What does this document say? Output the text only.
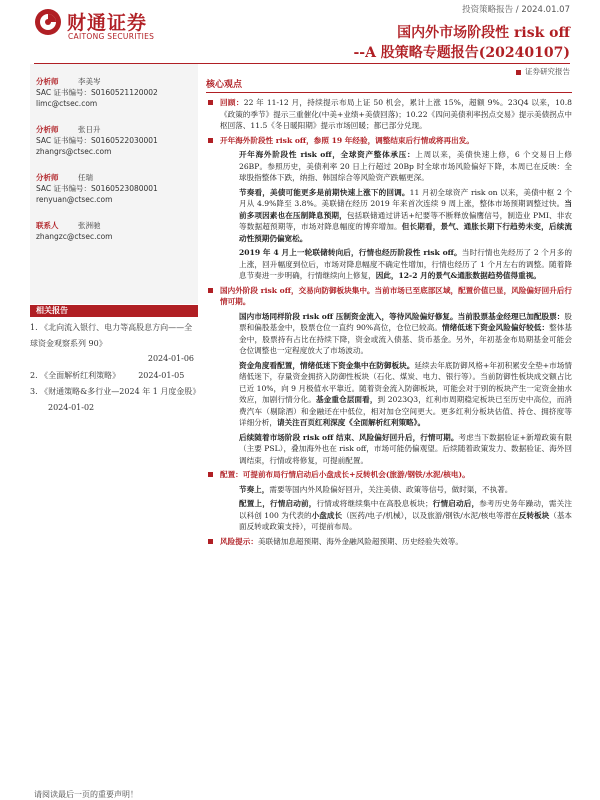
财通证券
CAITONG SECURITIES
投资策略报告 / 2024.01.07
国内外市场阶段性 risk off
--A 股策略专题报告(20240107)
证券研究报告
分析师	李美岑
SAC 证书编号：S0160521120002
limc@ctsec.com
分析师	张日升
SAC 证书编号：S0160522030001
zhangrs@ctsec.com
分析师	任瑞
SAC 证书编号：S0160523080001
renyuan@ctsec.com
联系人	张洲驰
zhangzc@ctsec.com
相关报告
1. 《北向流入银行、电力等高股息方向——全球资金观察系列 90》
2024-01-06
2. 《全面解析红利策略》 2024-01-05
3. 《财通策略&多行业—2024 年 1 月度金股》2024-01-02
核心观点
回顾：22 年 11-12 月，持续提示布局上证 50 机会，累计上涨 15%，超额 9%。23Q4 以来，10.8《政策的季节》提示三重催化(中美+业绩+美债回落)；10.22《四问美债利率拐点交易》提示美债拐点中枢回落、11.5《冬日暖阳期》提示市场回暖；都已部分兑现。
开年海外阶段性 risk off，参照 19 年经验，调整结束后行情或将再出发。
开年海外阶段性 risk off，全球资产整体承压：上周以来，美债快速上修，6 个交易日上修 26BP。参照历史，美债利率 20 日上行超过 20Bp 时全球市场风险偏好下降，本周已在反映：全球股指整体下跌，纳指、韩国综合等风险资产跌幅更深。
节奏看，美债可能更多是前期快速上涨下的回调。11 月初全球资产 risk on 以来，美债中枢 2 个月从 4.9%降至 3.8%。美联储在经历 2019 年来首次连续 9 周上涨，整体市场预期调整过快。当前多项因素也在压制降息预期，包括联储通过讲话+纪要等不断释放偏鹰信号，制造业 PMI、非农等数据超预期等，市场对降息幅度的博弈增加。但长期看，景气、通胀长期下行趋势未变，后续流动性预期仍偏宽松。
2019 年 4 月上一轮联储转向后，行情也经历阶段性 risk off。当时行情也先经历了 2 个月多的上涨，回升幅度到位后，市场对降息幅度不确定性增加，行情也经历了 1 个月左右的调整。随着降息节奏进一步明确，行情继续向上修复，因此，12-2 月的景气&通胀数据趋势值得重视。
国内外阶段 risk off，交易向防御板块集中。当前市场已至底部区域，配置价值已显，风险偏好回升后行情可期。
国内市场同样阶段 risk off 压制资金流入，等待风险偏好修复。当前股票基金经理已加配股票：股票和偏股基金中，股票仓位一直约 90%高位，仓位已较高。情绪低迷下资金风险偏好较低：整体基金中，股票持有占比在持续下降，资金或流入债基、货币基金。另外，年初基金布局期基金可能会仓位调整也一定程度放大了市场波动。
资金角度看配置，情绪低迷下资金集中在防御板块。延续去年底防御风格+年初积累安全垫+市场情绪低迷下，存量资金拥挤入防御性板块（石化、煤炭、电力、银行等）。当前防御性板块成交额占比已近 10%，向 9 月极值水平靠近。随着资金流入防御板块，可能会对于别的板块产生一定资金抽水效应，加剧行情分化。基金重仓层面看，到 2023Q3，红利市周期稳定板块已至历史中高位，而消费汽车（剔除酒）和金融还在中低位，相对加仓空间更大。更多红利分板块估值、持仓、拥挤度等详细分析，请关注百页红利深度《全面解析红利策略》。
后续随着市场阶段 risk off 结束、风险偏好回升后，行情可期。考虑当下数据验证+新增政策有限（主要 PSL），叠加海外也在 risk off，市场可能仍偏观望。后续随着政策发力、数据验证、海外回调结束，行情或将修复，可提前配置。
配置：可提前布局行情启动后小盘成长+反转机会(旅游/钢铁/水泥/核电)。
节奏上，需要等国内外风险偏好回升，关注美债、政策等信号，做时渠，不执著。
配置上，行情启动前，行情或将继续集中在高股息板块；行情启动后，参考历史务年躁动，需关注以科创 100 为代表的小盘成长（医药/电子/机械），以及旅游/钢铁/水泥/核电等潜在反转板块（基本面反转或政策支持），可提前布局。
风险提示：美联储加息超预期、海外金融风险超预期、历史经验失效等。
请阅读最后一页的重要声明！
